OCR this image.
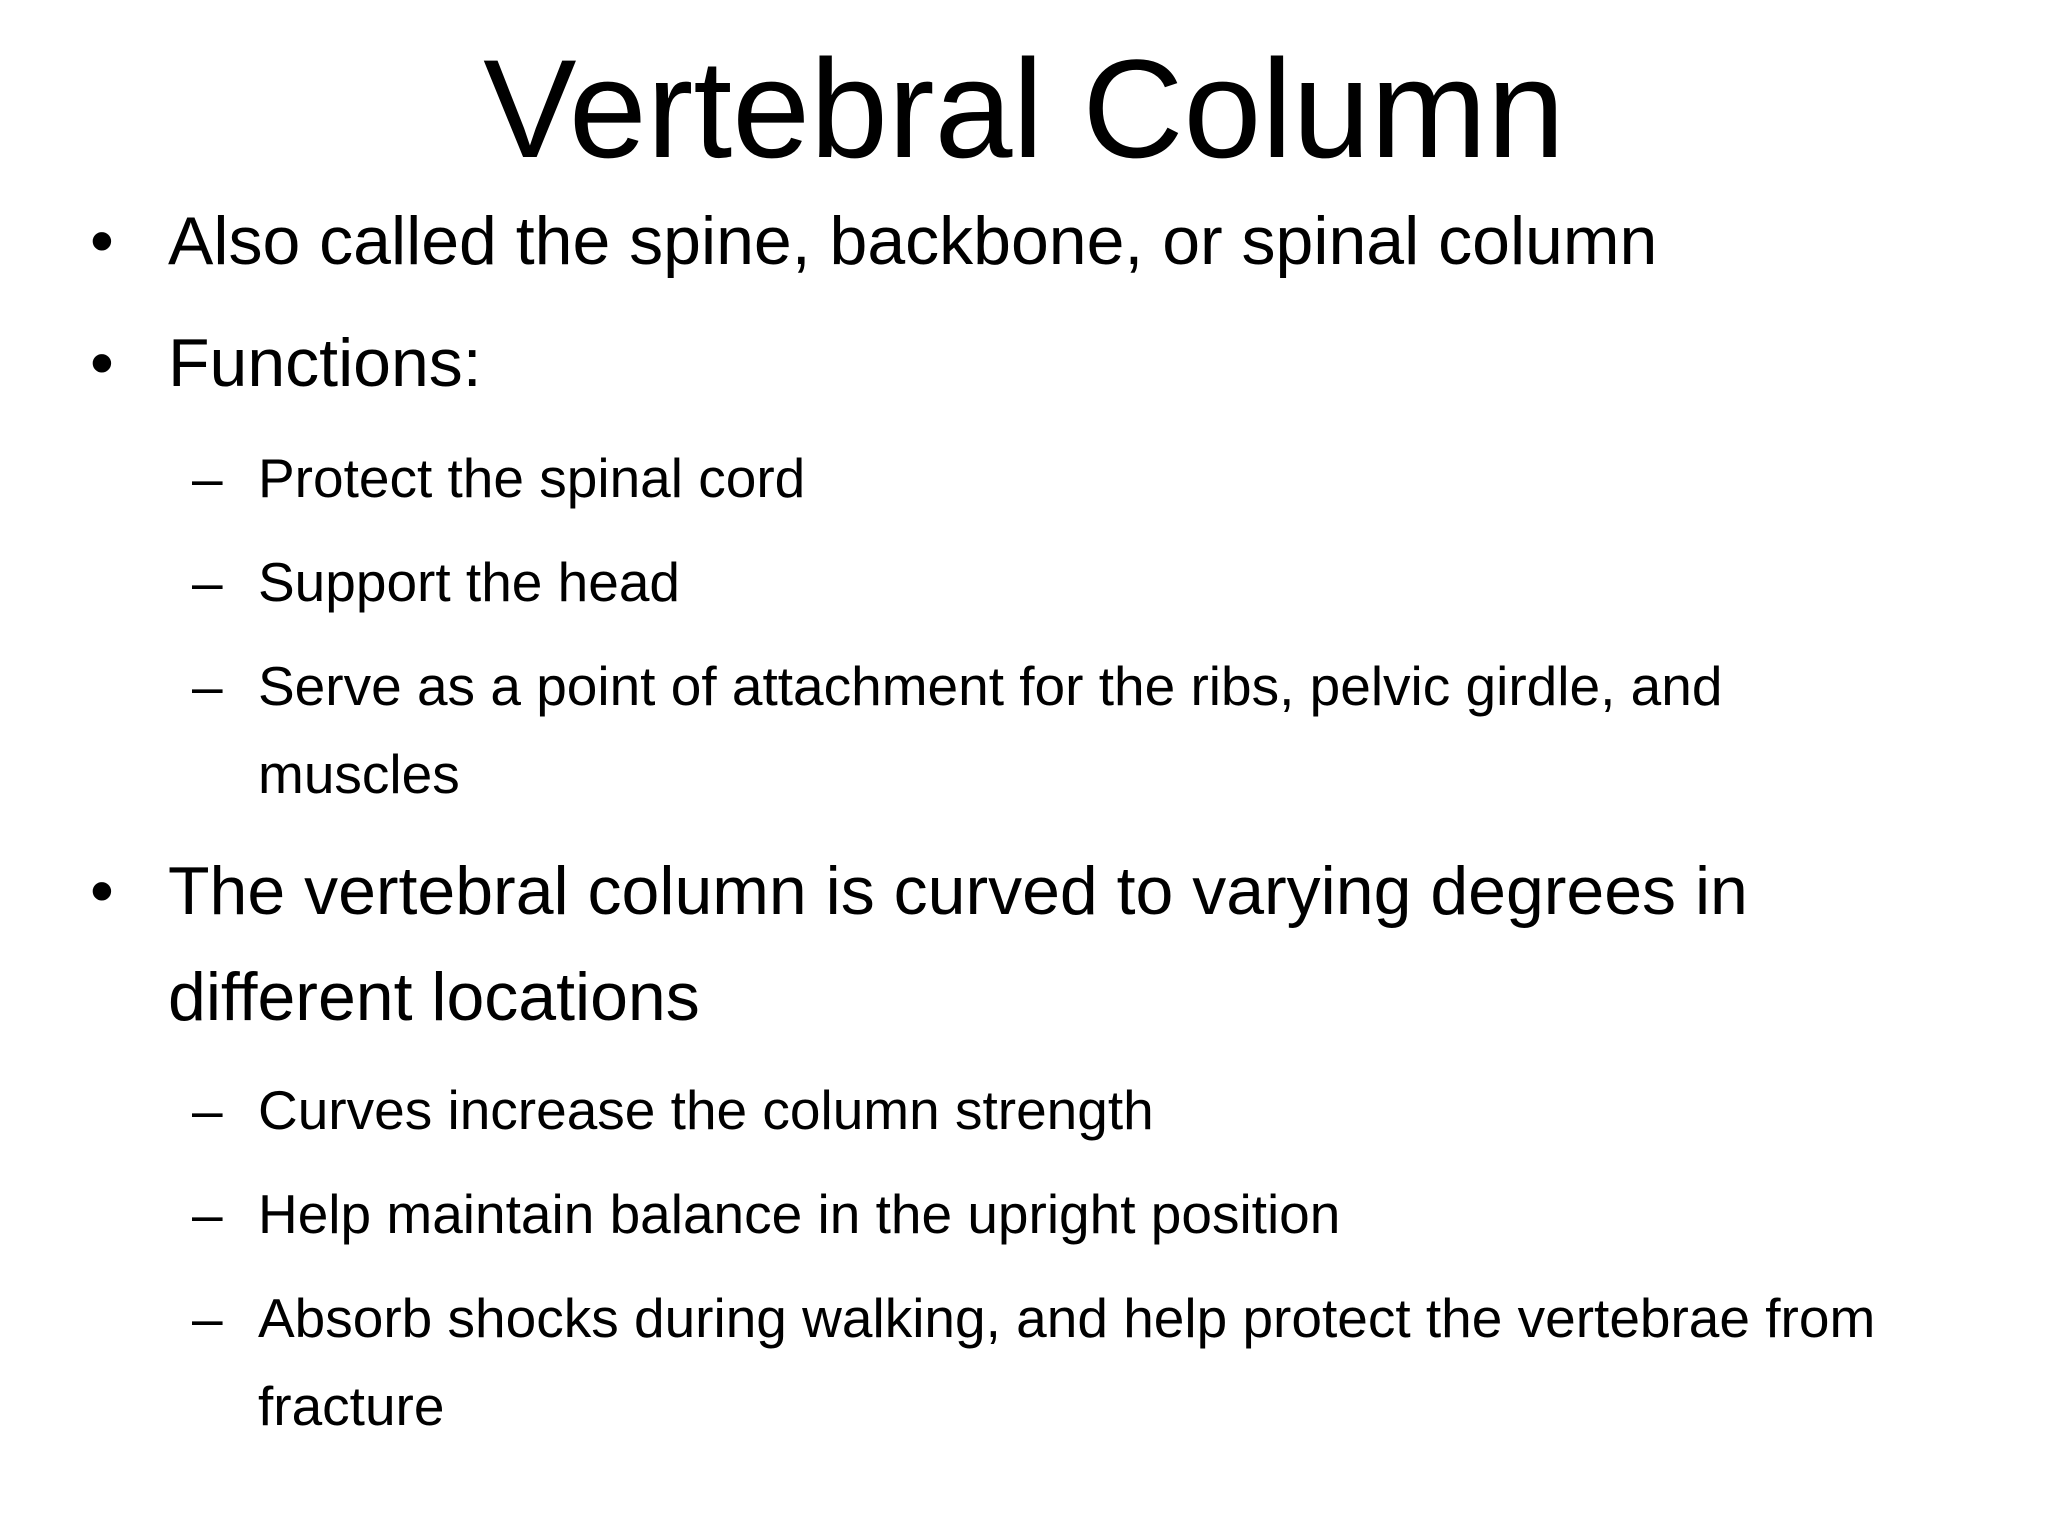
Vertebral Column
• Also called the spine, backbone, or spinal column

• Functions:

– Protect the spinal cord

– Support the head

– Serve as a point of attachment for the ribs, pelvic girdle, and

muscles

• The vertebral column is curved to varying degrees in

different locations

– Curves increase the column strength

– Help maintain balance in the upright position

– Absorb shocks during walking, and help protect the vertebrae from

fracture
